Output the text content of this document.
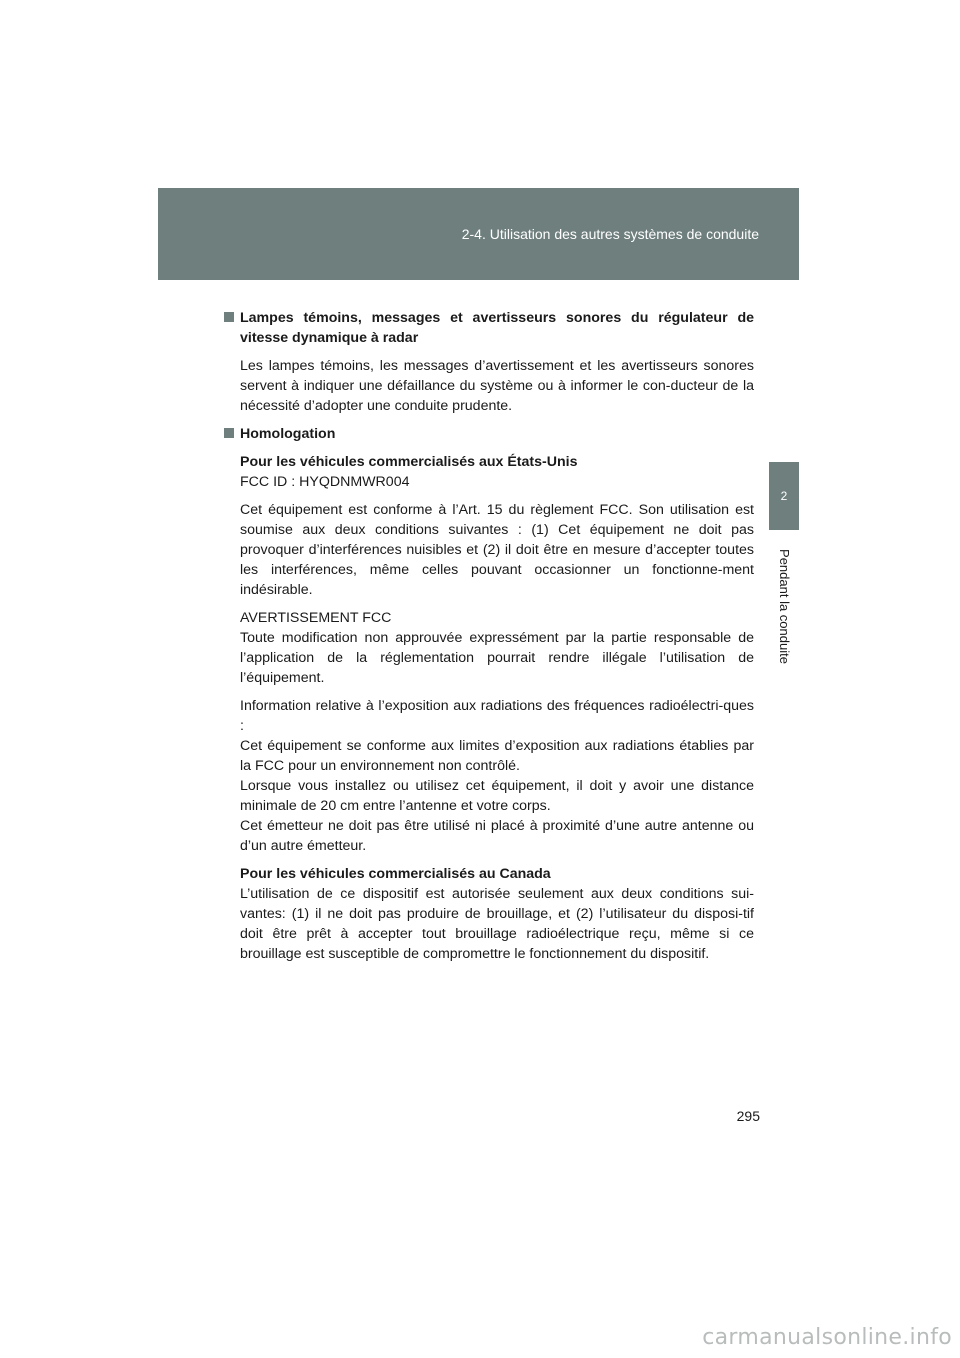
2-4. Utilisation des autres systèmes de conduite
2
Pendant la conduite
Lampes témoins, messages et avertisseurs sonores du régulateur de vitesse dynamique à radar
Les lampes témoins, les messages d’avertissement et les avertisseurs sonores servent à indiquer une défaillance du système ou à informer le con-ducteur de la nécessité d’adopter une conduite prudente.
Homologation
Pour les véhicules commercialisés aux États-Unis
FCC ID : HYQDNMWR004
Cet équipement est conforme à l’Art. 15 du règlement FCC. Son utilisation est soumise aux deux conditions suivantes : (1) Cet équipement ne doit pas provoquer d’interférences nuisibles et (2) il doit être en mesure d’accepter toutes les interférences, même celles pouvant occasionner un fonctionne-ment indésirable.
AVERTISSEMENT FCC
Toute modification non approuvée expressément par la partie responsable de l’application de la réglementation pourrait rendre illégale l’utilisation de l’équipement.
Information relative à l’exposition aux radiations des fréquences radioélectri-ques :
Cet équipement se conforme aux limites d’exposition aux radiations établies par la FCC pour un environnement non contrôlé.
Lorsque vous installez ou utilisez cet équipement, il doit y avoir une distance minimale de 20 cm entre l’antenne et votre corps.
Cet émetteur ne doit pas être utilisé ni placé à proximité d’une autre antenne ou d’un autre émetteur.
Pour les véhicules commercialisés au Canada
L’utilisation de ce dispositif est autorisée seulement aux deux conditions sui-vantes: (1) il ne doit pas produire de brouillage, et (2) l’utilisateur du disposi-tif doit être prêt à accepter tout brouillage radioélectrique reçu, même si ce brouillage est susceptible de compromettre le fonctionnement du dispositif.
295
carmanualsonline.info
